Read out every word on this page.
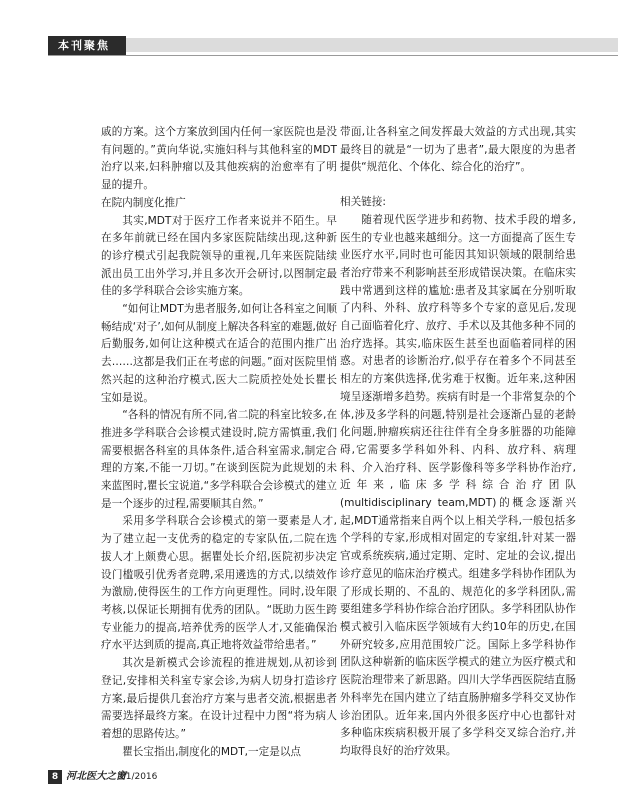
本刊聚焦

戚的方案。这个方案放到国内任何一家医院也是没有问题的。”黄向华说,实施妇科与其他科室的MDT治疗以来,妇科肿瘤以及其他疾病的治愈率有了明显的提升。

在院内制度化推广

其实,MDT对于医疗工作者来说并不陌生。早在多年前就已经在国内多家医院陆续出现,这种新的诊疗模式引起我院领导的重视,几年来医院陆续派出员工出外学习,并且多次开会研讨,以图制定最佳的多学科联合会诊实施方案。

“如何让MDT为患者服务,如何让各科室之间顺畅结成‘对子’,如何从制度上解决各科室的难题,做好后勤服务,如何让这种模式在适合的范围内推广出去……这都是我们正在考虑的问题。”面对医院里悄然兴起的这种治疗模式,医大二院质控处处长瞿长宝如是说。

“各科的情况有所不同,省二院的科室比较多,在推进多学科联合会诊模式建设时,院方需慎重,我们需要根据各科室的具体条件,适合科室需求,制定合理的方案,不能一刀切。”在谈到医院为此规划的未来蓝图时,瞿长宝说道,“多学科联合会诊模式的建立是一个逐步的过程,需要顺其自然。”

采用多学科联合会诊模式的第一要素是人才,为了建立起一支优秀的稳定的专家队伍,二院在选拔人才上颇费心思。据瞿处长介绍,医院初步决定设门槛吸引优秀者竞聘,采用遴选的方式,以绩效作为激励,使得医生的工作方向更理性。同时,设年限考核,以保证长期拥有优秀的团队。“既助力医生跨专业能力的提高,培养优秀的医学人才,又能确保治疗水平达到质的提高,真正地将效益带给患者。”

其次是新模式会诊流程的推进规划,从初诊到登记,安排相关科室专家会诊,为病人切身打造诊疗方案,最后提供几套治疗方案与患者交流,根据患者需要选择最终方案。在设计过程中力图“将为病人着想的思路传达。”

瞿长宝指出,制度化的MDT,一定是以点

带面,让各科室之间发挥最大效益的方式出现,其实最终目的就是“一切为了患者”,最大限度的为患者提供“规范化、个体化、综合化的治疗”。

相关链接:

随着现代医学进步和药物、技术手段的增多,医生的专业也越来越细分。这一方面提高了医生专业医疗水平,同时也可能因其知识领域的限制给患者治疗带来不利影响甚至形成错误决策。在临床实践中常遇到这样的尴尬:患者及其家属在分别听取了内科、外科、放疗科等多个专家的意见后,发现自己面临着化疗、放疗、手术以及其他多种不同的治疗选择。其实,临床医生甚至也面临着同样的困惑。对患者的诊断治疗,似乎存在着多个不同甚至相左的方案供选择,优劣难于权衡。近年来,这种困境呈逐渐增多趋势。疾病有时是一个非常复杂的个体,涉及多学科的问题,特别是社会逐渐凸显的老龄化问题,肿瘤疾病还往往伴有全身多脏器的功能障碍,它需要多学科如外科、内科、放疗科、病理科、介入治疗科、医学影像科等多学科协作治疗,近年来,临床多学科综合治疗团队(multidisciplinary team,MDT)的概念逐渐兴起,MDT通常指来自两个以上相关学科,一般包括多个学科的专家,形成相对固定的专家组,针对某一器官或系统疾病,通过定期、定时、定址的会议,提出诊疗意见的临床治疗模式。组建多学科协作团队为了形成长期的、不乱的、规范化的多学科团队,需要组建多学科协作综合治疗团队。多学科团队协作模式被引入临床医学领域有大约10年的历史,在国外研究较多,应用范围较广泛。国际上多学科协作团队这种崭新的临床医学模式的建立为医疗模式和医院治理带来了新思路。四川大学华西医院结直肠外科率先在国内建立了结直肠肿瘤多学科交叉协作诊治团队。近年来,国内外很多医疗中心也都针对多种临床疾病积极开展了多学科交叉综合治疗,并均取得良好的治疗效果。

8 河北医大之窗
01/2016
